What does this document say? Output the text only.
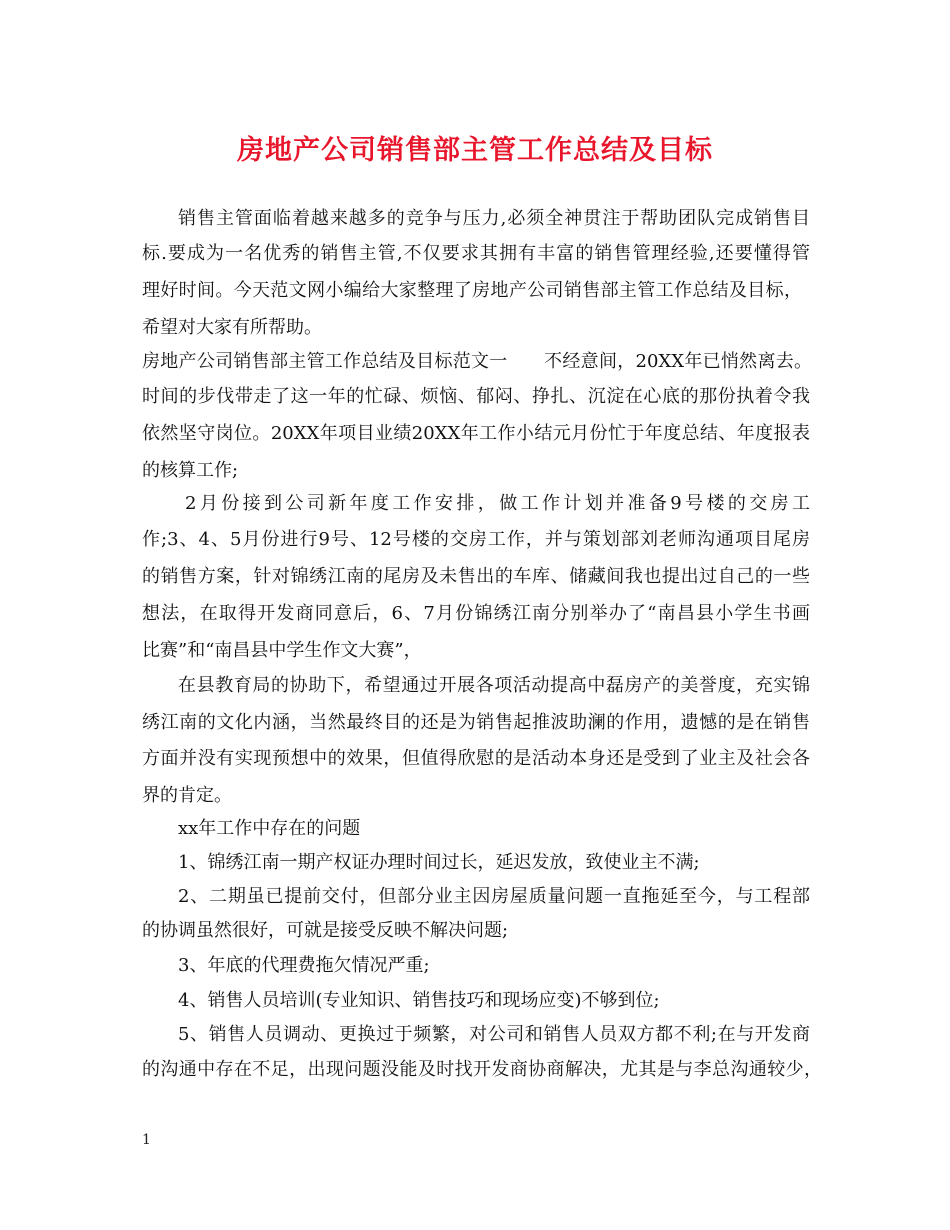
房地产公司销售部主管工作总结及目标
销售主管面临着越来越多的竞争与压力,必须全神贯注于帮助团队完成销售目
标.要成为一名优秀的销售主管,不仅要求其拥有丰富的销售管理经验,还要懂得管
理好时间。今天范文网小编给大家整理了房地产公司销售部主管工作总结及目标，
希望对大家有所帮助。
房地产公司销售部主管工作总结及目标范文一　　不经意间，20XX年已悄然离去。
时间的步伐带走了这一年的忙碌、烦恼、郁闷、挣扎、沉淀在心底的那份执着令我
依然坚守岗位。20XX年项目业绩20XX年工作小结元月份忙于年度总结、年度报表
的核算工作;
2月份接到公司新年度工作安排，做工作计划并准备9号楼的交房工
作;3、4、5月份进行9号、12号楼的交房工作，并与策划部刘老师沟通项目尾房
的销售方案，针对锦绣江南的尾房及未售出的车库、储藏间我也提出过自己的一些
想法，在取得开发商同意后，6、7月份锦绣江南分别举办了“南昌县小学生书画
比赛”和“南昌县中学生作文大赛”，
在县教育局的协助下，希望通过开展各项活动提高中磊房产的美誉度，充实锦
绣江南的文化内涵，当然最终目的还是为销售起推波助澜的作用，遗憾的是在销售
方面并没有实现预想中的效果，但值得欣慰的是活动本身还是受到了业主及社会各
界的肯定。
xx年工作中存在的问题
1、锦绣江南一期产权证办理时间过长，延迟发放，致使业主不满;
2、二期虽已提前交付，但部分业主因房屋质量问题一直拖延至今，与工程部
的协调虽然很好，可就是接受反映不解决问题;
3、年底的代理费拖欠情况严重;
4、销售人员培训(专业知识、销售技巧和现场应变)不够到位;
5、销售人员调动、更换过于频繁，对公司和销售人员双方都不利;在与开发商
的沟通中存在不足，出现问题没能及时找开发商协商解决，尤其是与李总沟通较少，
1
